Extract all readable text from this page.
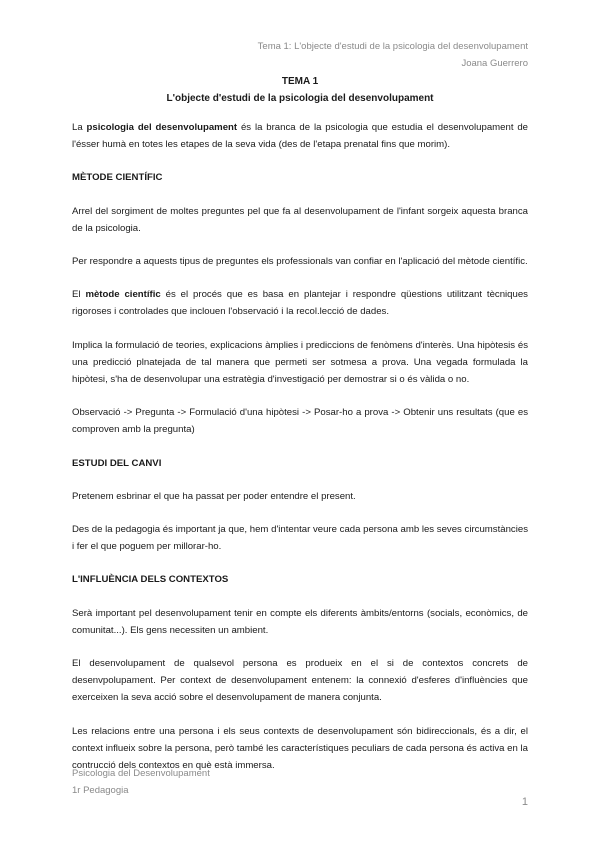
Tema 1: L'objecte d'estudi de la psicologia del desenvolupament
Joana Guerrero
TEMA 1
L'objecte d'estudi de la psicologia del desenvolupament

La psicologia del desenvolupament és la branca de la psicologia que estudia el desenvolupament de l'ésser humà en totes les etapes de la seva vida (des de l'etapa prenatal fins que morim).

MÈTODE CIENTÍFIC

Arrel del sorgiment de moltes preguntes pel que fa al desenvolupament de l'infant sorgeix aquesta branca de la psicologia.

Per respondre a aquests tipus de preguntes els professionals van confiar en l'aplicació del mètode científic.

El mètode científic és el procés que es basa en plantejar i respondre qüestions utilitzant tècniques rigoroses i controlades que inclouen l'observació i la recol.lecció de dades.

Implica la formulació de teories, explicacions àmplies i prediccions de fenòmens d'interès. Una hipòtesis és una predicció plnatejada de tal manera que permeti ser sotmesa a prova. Una vegada formulada la hipòtesi, s'ha de desenvolupar una estratègia d'investigació per demostrar si o és vàlida o no.

Observació -> Pregunta -> Formulació d'una hipòtesi -> Posar-ho a prova -> Obtenir uns resultats (que es comproven amb la pregunta)

ESTUDI DEL CANVI

Pretenem esbrinar el que ha passat per poder entendre el present.

Des de la pedagogia és important ja que, hem d'intentar veure cada persona amb les seves circumstàncies i fer el que poguem per millorar-ho.

L'INFLUÈNCIA DELS CONTEXTOS

Serà important pel desenvolupament tenir en compte els diferents àmbits/entorns (socials, econòmics, de comunitat...). Els gens necessiten un ambient.

El desenvolupament de qualsevol persona es produeix en el si de contextos concrets de desenvpolupament. Per context de desenvolupament entenem: la connexió d'esferes d'influències que exerceixen la seva acció sobre el desenvolupament de manera conjunta.

Les relacions entre una persona i els seus contexts de desenvolupament són bidireccionals, és a dir, el context influeix sobre la persona, però també les característiques peculiars de cada persona és activa en la contrucció dels contextos en què està immersa.

Psicologia del Desenvolupament
1r Pedagogia
1
